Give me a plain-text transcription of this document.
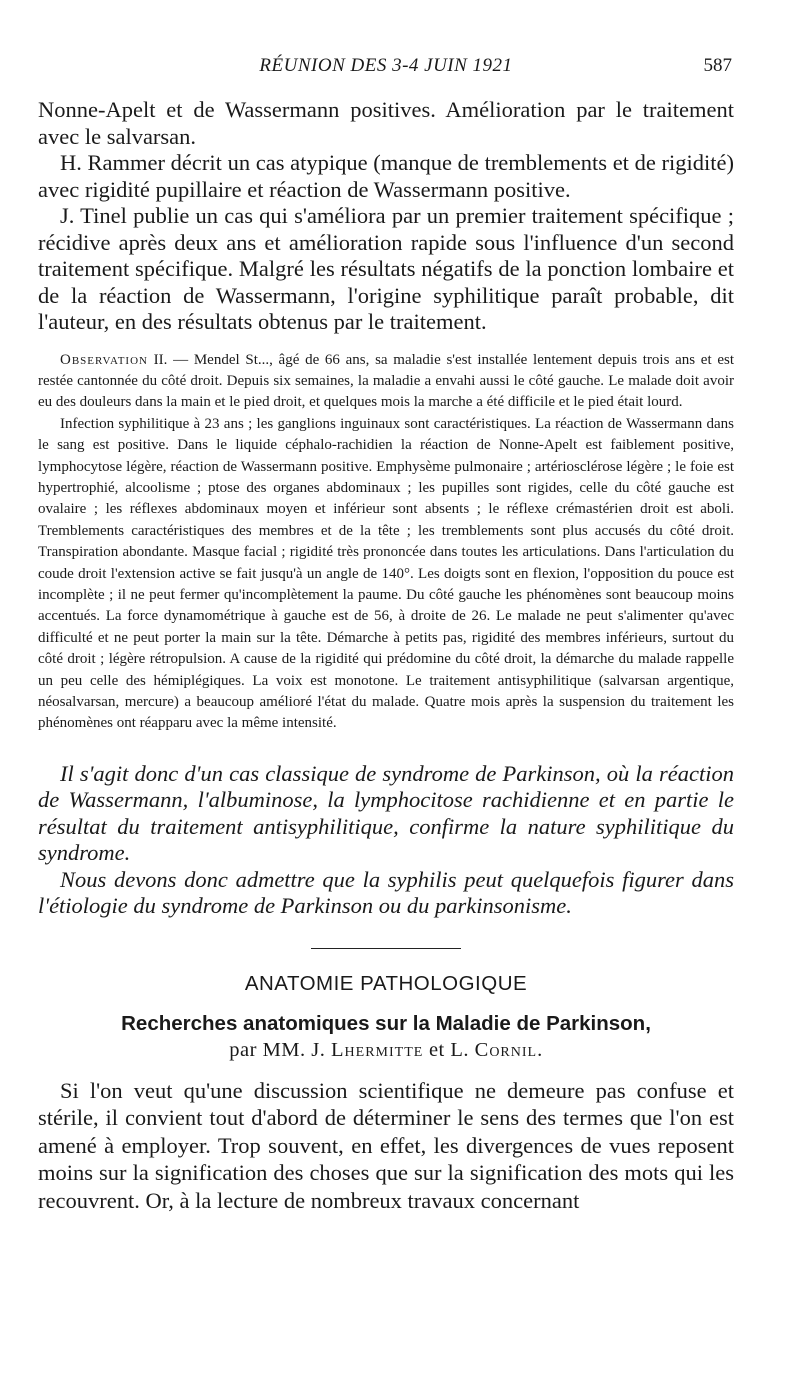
RÉUNION DES 3-4 JUIN 1921	587

Nonne-Apelt et de Wassermann positives. Amélioration par le traitement avec le salvarsan.

H. Rammer décrit un cas atypique (manque de tremblements et de rigidité) avec rigidité pupillaire et réaction de Wassermann positive.

J. Tinel publie un cas qui s'améliora par un premier traitement spécifique ; récidive après deux ans et amélioration rapide sous l'influence d'un second traitement spécifique. Malgré les résultats négatifs de la ponction lombaire et de la réaction de Wassermann, l'origine syphilitique paraît probable, dit l'auteur, en des résultats obtenus par le traitement.

Observation II. — Mendel St..., âgé de 66 ans, sa maladie s'est installée lentement depuis trois ans et est restée cantonnée du côté droit. Depuis six semaines, la maladie a envahi aussi le côté gauche. Le malade doit avoir eu des douleurs dans la main et le pied droit, et quelques mois la marche a été difficile et le pied était lourd.

Infection syphilitique à 23 ans ; les ganglions inguinaux sont caractéristiques. La réaction de Wassermann dans le sang est positive. Dans le liquide céphalo-rachidien la réaction de Nonne-Apelt est faiblement positive, lymphocytose légère, réaction de Wassermann positive. Emphysème pulmonaire ; artériosclérose légère ; le foie est hypertrophié, alcoolisme ; ptose des organes abdominaux ; les pupilles sont rigides, celle du côté gauche est ovalaire ; les réflexes abdominaux moyen et inférieur sont absents ; le réflexe crémastérien droit est aboli. Tremblements caractéristiques des membres et de la tête ; les tremblements sont plus accusés du côté droit. Transpiration abondante. Masque facial ; rigidité très prononcée dans toutes les articulations. Dans l'articulation du coude droit l'extension active se fait jusqu'à un angle de 140°. Les doigts sont en flexion, l'opposition du pouce est incomplète ; il ne peut fermer qu'incomplètement la paume. Du côté gauche les phénomènes sont beaucoup moins accentués. La force dynamométrique à gauche est de 56, à droite de 26. Le malade ne peut s'alimenter qu'avec difficulté et ne peut porter la main sur la tête. Démarche à petits pas, rigidité des membres inférieurs, surtout du côté droit ; légère rétropulsion. A cause de la rigidité qui prédomine du côté droit, la démarche du malade rappelle un peu celle des hémiplégiques. La voix est monotone. Le traitement antisyphilitique (salvarsan argentique, néosalvarsan, mercure) a beaucoup amélioré l'état du malade. Quatre mois après la suspension du traitement les phénomènes ont réapparu avec la même intensité.

Il s'agit donc d'un cas classique de syndrome de Parkinson, où la réaction de Wassermann, l'albuminose, la lymphocitose rachidienne et en partie le résultat du traitement antisyphilitique, confirme la nature syphilitique du syndrome.

Nous devons donc admettre que la syphilis peut quelquefois figurer dans l'étiologie du syndrome de Parkinson ou du parkinsonisme.

ANATOMIE PATHOLOGIQUE
Recherches anatomiques sur la Maladie de Parkinson,
par MM. J. Lhermitte et L. Cornil.

Si l'on veut qu'une discussion scientifique ne demeure pas confuse et stérile, il convient tout d'abord de déterminer le sens des termes que l'on est amené à employer. Trop souvent, en effet, les divergences de vues reposent moins sur la signification des choses que sur la signification des mots qui les recouvrent. Or, à la lecture de nombreux travaux concernant
